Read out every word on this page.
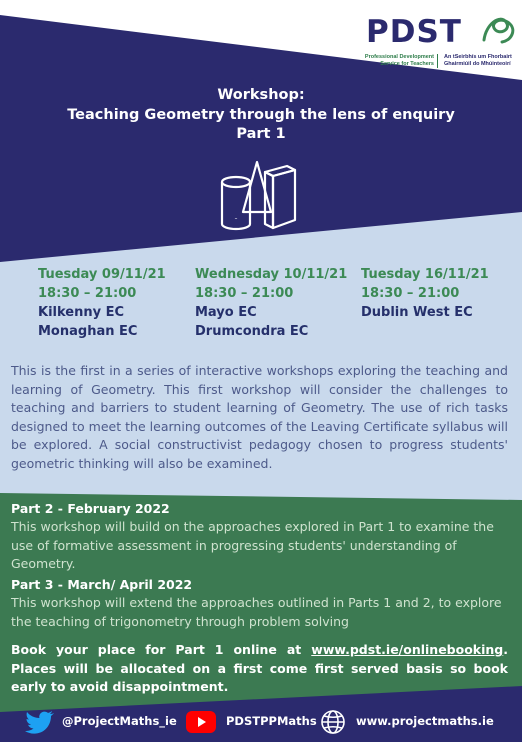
PDST
Professional Development Service for Teachers
An tSeirbhís um Fhorbairt Ghairmiúil do Mhúinteoirí
Workshop:
Teaching Geometry through the lens of enquiry
Part 1
Tuesday 09/11/21
18:30 – 21:00
Kilkenny EC
Monaghan EC
Wednesday 10/11/21
18:30 – 21:00
Mayo EC
Drumcondra EC
Tuesday 16/11/21
18:30 – 21:00
Dublin West EC
This is the first in a series of interactive workshops exploring the teaching and learning of Geometry. This first workshop will consider the challenges to teaching and barriers to student learning of Geometry. The use of rich tasks designed to meet the learning outcomes of the Leaving Certificate syllabus will be explored. A social constructivist pedagogy chosen to progress students' geometric thinking will also be examined.
Part 2 - February 2022
This workshop will build on the approaches explored in Part 1 to examine the use of formative assessment in progressing students' understanding of Geometry.
Part 3 - March/ April 2022
This workshop will extend the approaches outlined in Parts 1 and 2, to explore the teaching of trigonometry through problem solving
Book your place for Part 1 online at www.pdst.ie/onlinebooking. Places will be allocated on a first come first served basis so book early to avoid disappointment.
@ProjectMaths_ie	PDSTPPMaths	www.projectmaths.ie
